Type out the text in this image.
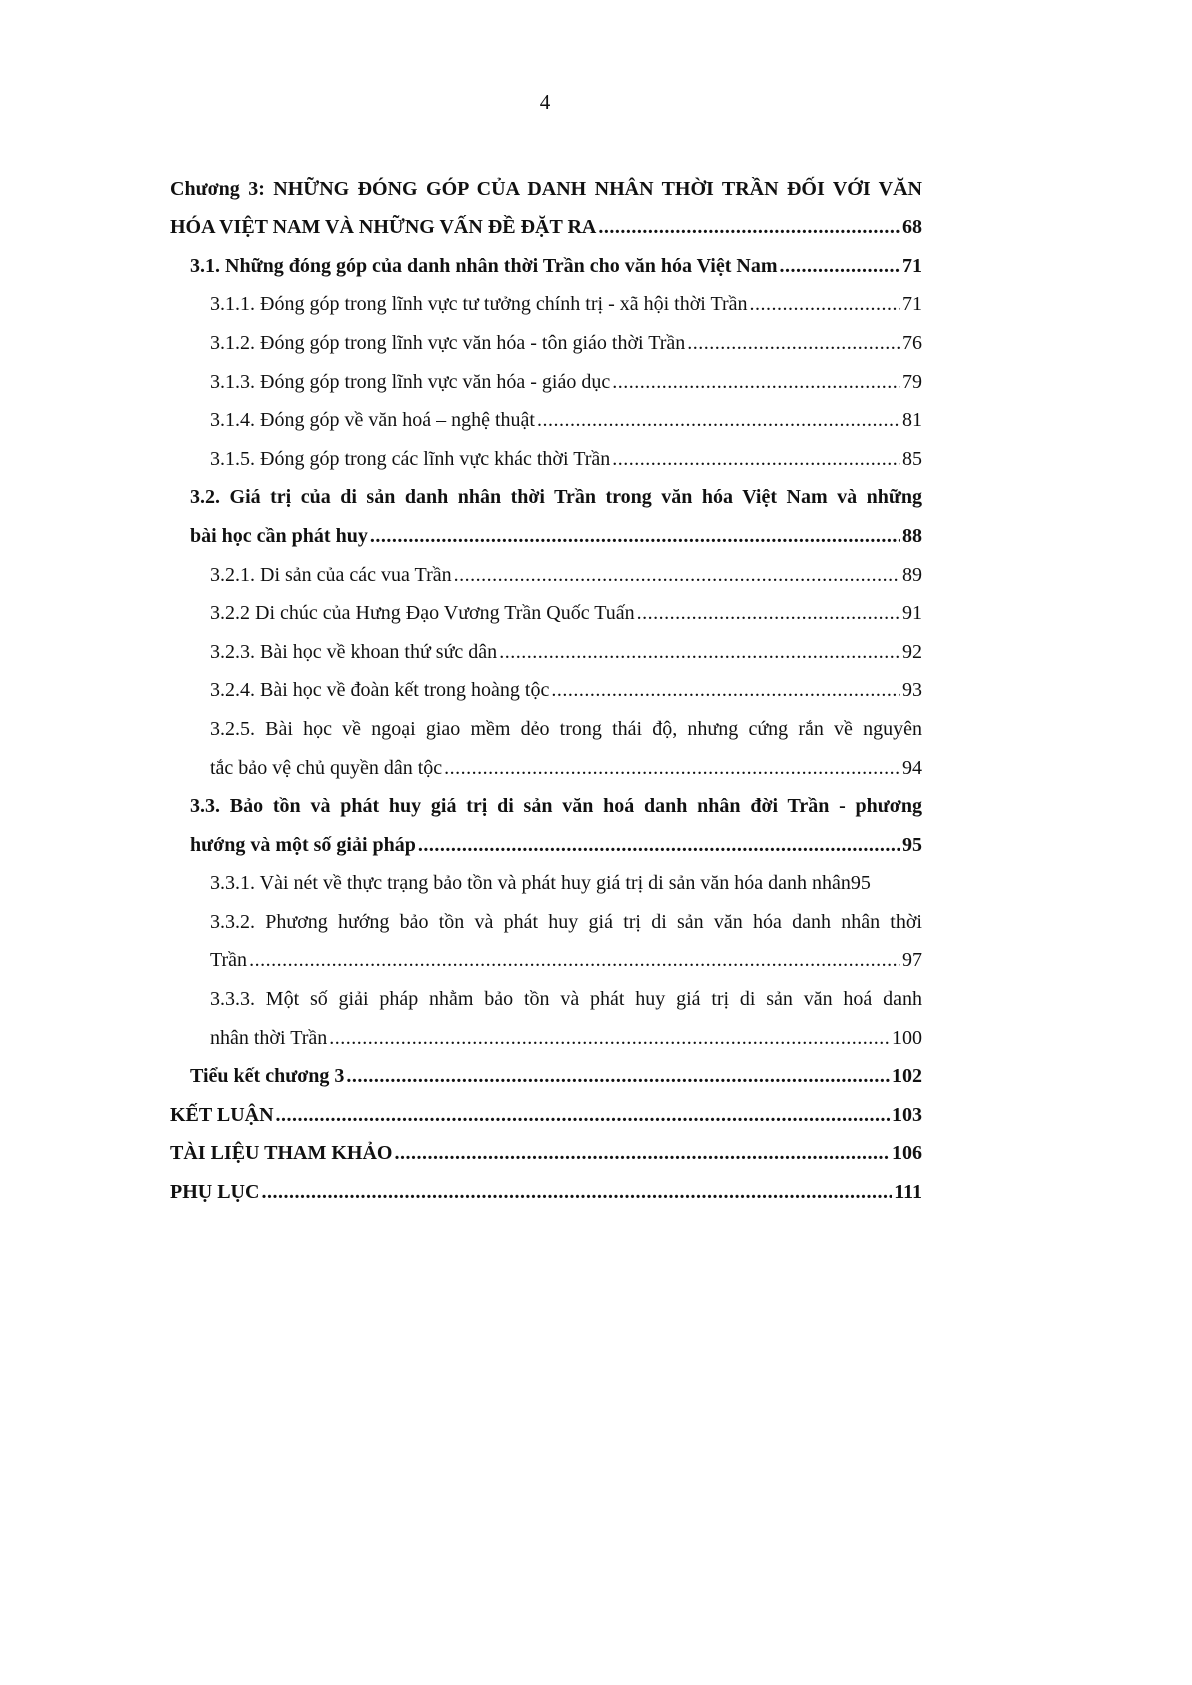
4
Chương 3: NHỮNG ĐÓNG GÓP CỦA DANH NHÂN THỜI TRẦN ĐỐI VỚI VĂN
HÓA VIỆT NAM VÀ NHỮNG VẤN ĐỀ ĐẶT RA .....	68
3.1. Những đóng góp của danh nhân thời Trần cho văn hóa Việt Nam .....	71
3.1.1. Đóng góp trong lĩnh vực tư tưởng chính trị - xã hội thời Trần .....	71
3.1.2. Đóng góp trong lĩnh vực văn hóa - tôn giáo thời Trần .....	76
3.1.3. Đóng góp trong lĩnh vực văn hóa - giáo dục .....	79
3.1.4. Đóng góp về văn hoá – nghệ thuật .....	81
3.1.5. Đóng góp trong các lĩnh vực khác thời Trần .....	85
3.2. Giá trị của di sản danh nhân thời Trần trong văn hóa Việt Nam và những
bài học cần phát huy .....	88
3.2.1. Di sản của các vua Trần .....	89
3.2.2 Di chúc của Hưng Đạo Vương Trần Quốc Tuấn .....	91
3.2.3. Bài học về khoan thứ sức dân .....	92
3.2.4. Bài học về đoàn kết trong hoàng tộc .....	93
3.2.5. Bài học về ngoại giao mềm dẻo trong thái độ, nhưng cứng rắn về nguyên
tắc bảo vệ chủ quyền dân tộc .....	94
3.3. Bảo tồn và phát huy giá trị di sản văn hoá danh nhân đời Trần - phương
hướng và một số giải pháp .....	95
3.3.1. Vài nét về thực trạng bảo tồn và phát huy giá trị di sản văn hóa danh nhân 95
3.3.2. Phương hướng bảo tồn và phát huy giá trị di sản văn hóa danh nhân thời
Trần .....	97
3.3.3. Một số giải pháp nhằm bảo tồn và phát huy giá trị di sản văn hoá danh
nhân thời Trần .....	100
Tiểu kết chương 3 .....	102
KẾT LUẬN .....	103
TÀI LIỆU THAM KHẢO .....	106
PHỤ LỤC .....	111
